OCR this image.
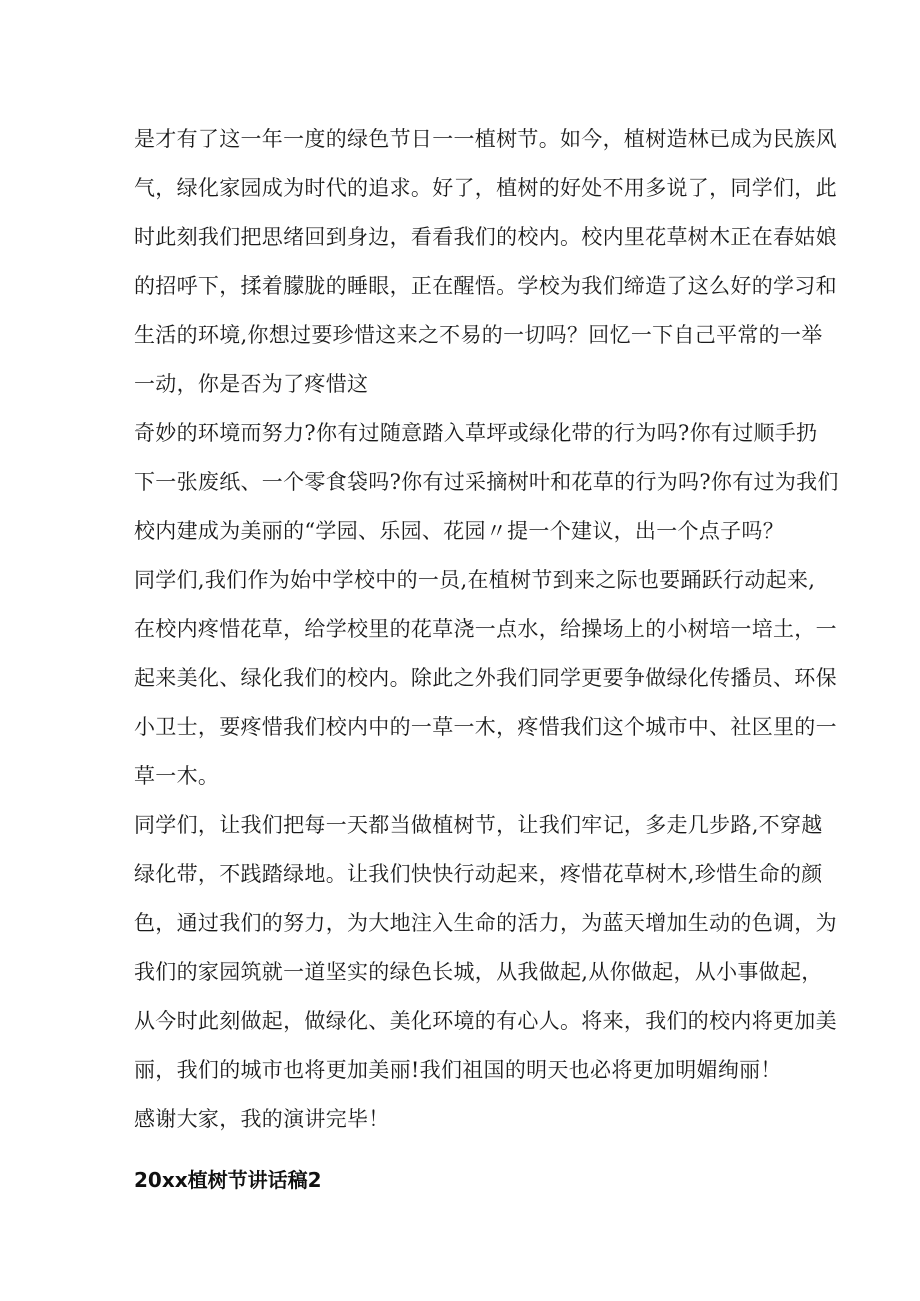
是才有了这一年一度的绿色节日一一植树节。如今，植树造林已成为民族风
气，绿化家园成为时代的追求。好了，植树的好处不用多说了，同学们，此
时此刻我们把思绪回到身边，看看我们的校内。校内里花草树木正在春姑娘
的招呼下，揉着朦胧的睡眼，正在醒悟。学校为我们缔造了这么好的学习和
生活的环境,你想过要珍惜这来之不易的一切吗？回忆一下自己平常的一举
一动，你是否为了疼惜这
奇妙的环境而努力?你有过随意踏入草坪或绿化带的行为吗?你有过顺手扔
下一张废纸、一个零食袋吗?你有过采摘树叶和花草的行为吗?你有过为我们
校内建成为美丽的“学园、乐园、花园〃提一个建议，出一个点子吗？
同学们,我们作为始中学校中的一员,在植树节到来之际也要踊跃行动起来,
在校内疼惜花草，给学校里的花草浇一点水，给操场上的小树培一培土，一
起来美化、绿化我们的校内。除此之外我们同学更要争做绿化传播员、环保
小卫士，要疼惜我们校内中的一草一木，疼惜我们这个城市中、社区里的一
草一木。
同学们，让我们把每一天都当做植树节，让我们牢记，多走几步路,不穿越
绿化带，不践踏绿地。让我们快快行动起来，疼惜花草树木,珍惜生命的颜
色，通过我们的努力，为大地注入生命的活力，为蓝天增加生动的色调，为
我们的家园筑就一道坚实的绿色长城，从我做起,从你做起，从小事做起，
从今时此刻做起，做绿化、美化环境的有心人。将来，我们的校内将更加美
丽，我们的城市也将更加美丽!我们祖国的明天也必将更加明媚绚丽！
感谢大家，我的演讲完毕！
20xx植树节讲话稿2
